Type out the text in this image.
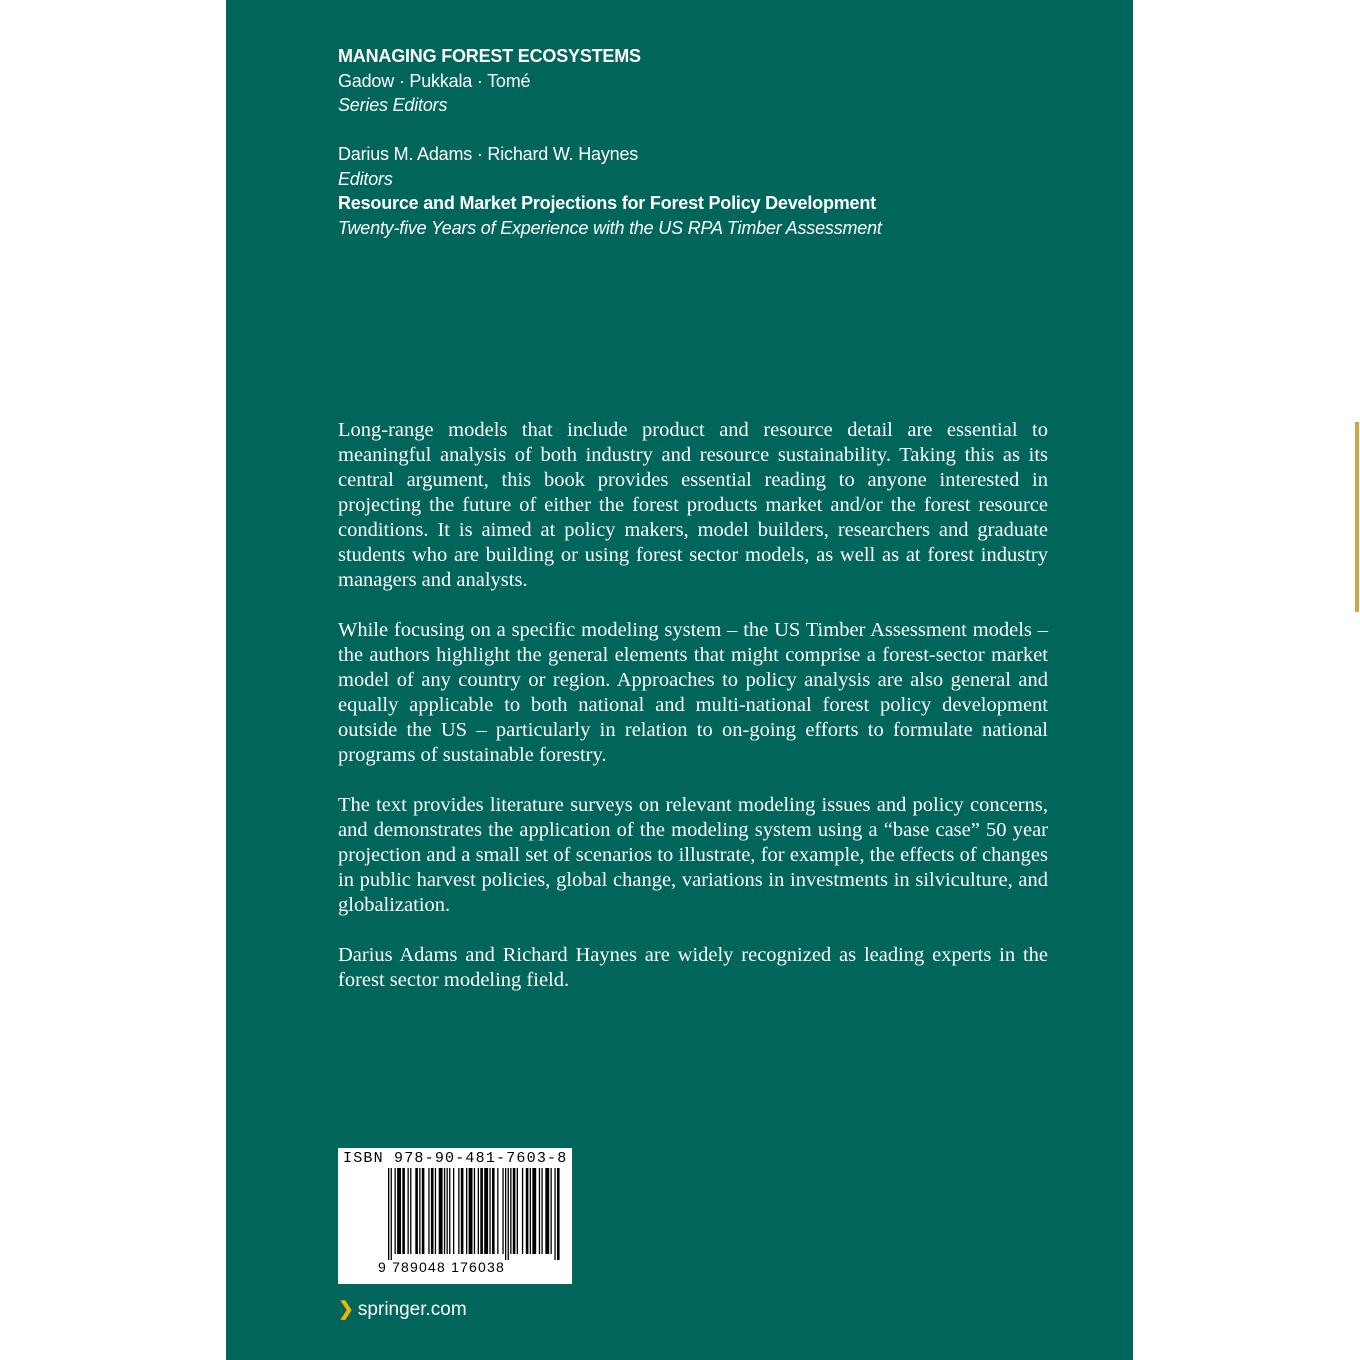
MANAGING FOREST ECOSYSTEMS
Gadow · Pukkala · Tomé
Series Editors
Darius M. Adams · Richard W. Haynes
Editors
Resource and Market Projections for Forest Policy Development
Twenty-five Years of Experience with the US RPA Timber Assessment

Long-range models that include product and resource detail are essential to meaningful analysis of both industry and resource sustainability. Taking this as its central argument, this book provides essential reading to anyone interested in projecting the future of either the forest products market and/or the forest resource conditions. It is aimed at policy makers, model builders, researchers and graduate students who are building or using forest sector models, as well as at forest industry managers and analysts.

While focusing on a specific modeling system – the US Timber Assessment models – the authors highlight the general elements that might comprise a forest-sector market model of any country or region. Approaches to policy analysis are also general and equally applicable to both national and multi-national forest policy development outside the US – particularly in relation to on-going efforts to formulate national programs of sustainable forestry.

The text provides literature surveys on relevant modeling issues and policy concerns, and demonstrates the application of the modeling system using a “base case” 50 year projection and a small set of scenarios to illustrate, for example, the effects of changes in public harvest policies, global change, variations in investments in silviculture, and globalization.

Darius Adams and Richard Haynes are widely recognized as leading experts in the forest sector modeling field.

ISBN 978-90-481-7603-8
9 789048 176038
❯ springer.com
